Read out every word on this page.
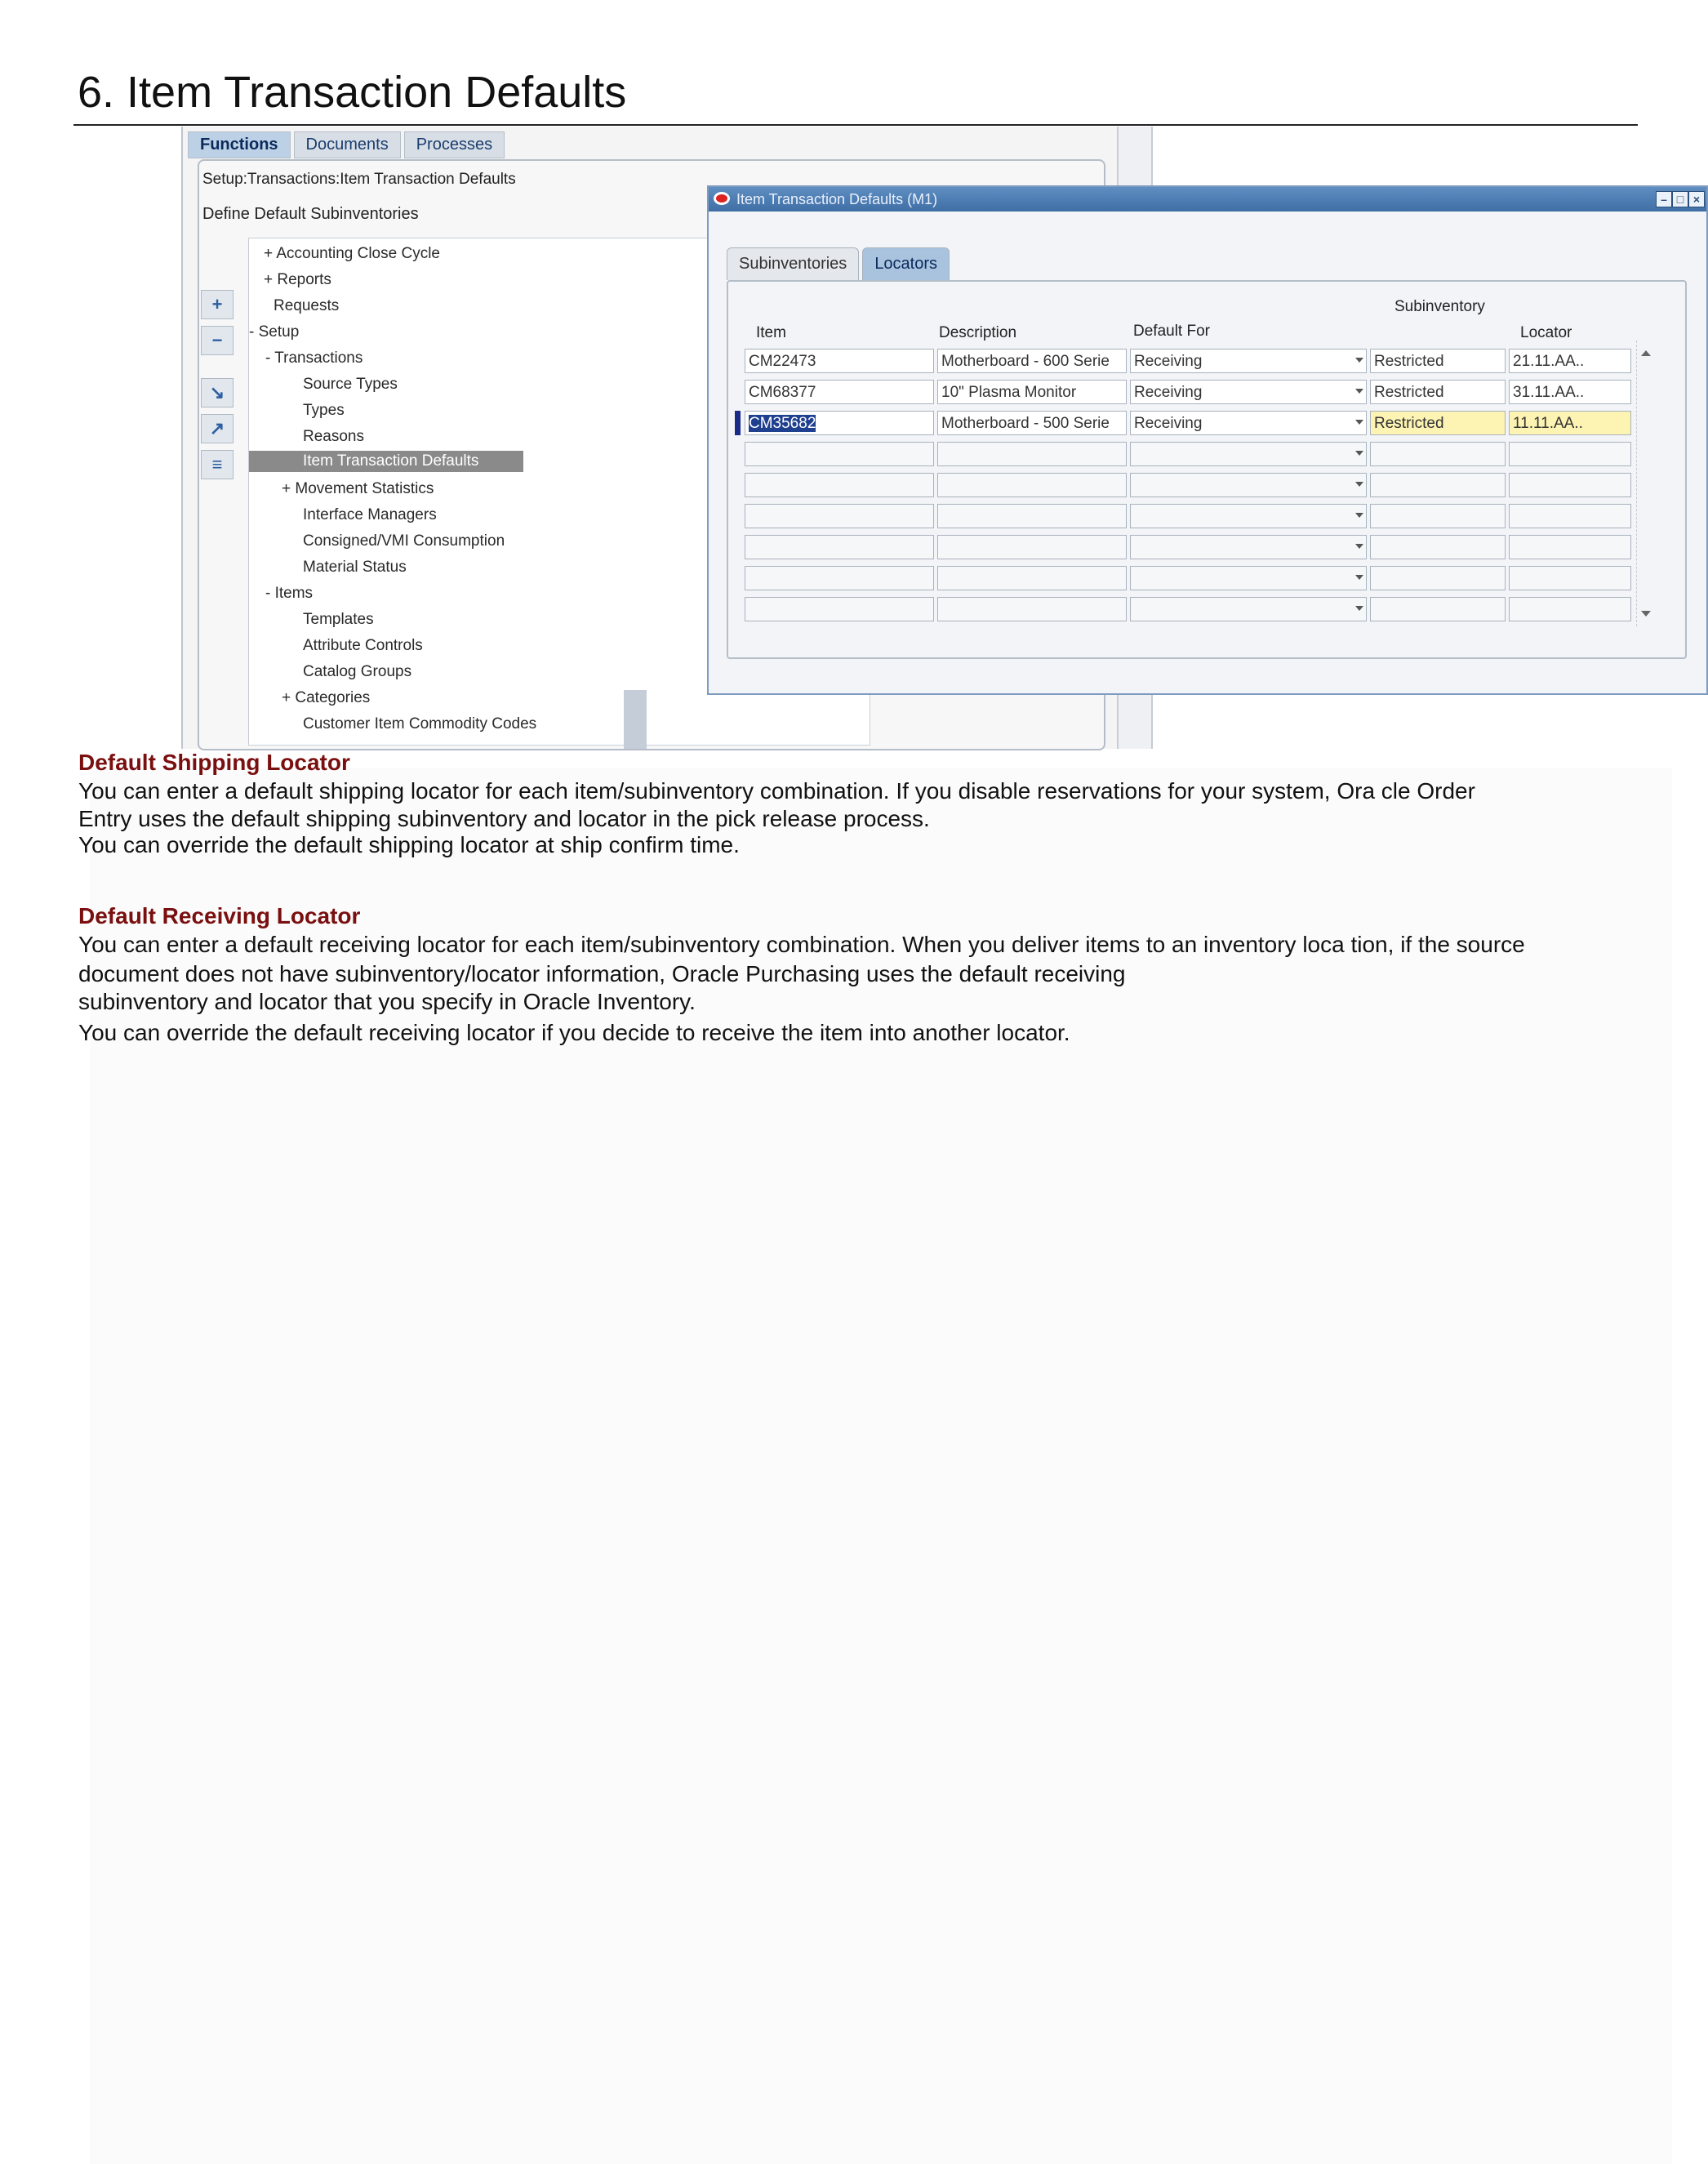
6. Item Transaction Defaults
Functions	Documents	Processes
Setup:Transactions:Item Transaction Defaults
Define Default Subinventories
+
−
↘
↗
≡
+ Accounting Close Cycle
+ Reports
Requests
- Setup
- Transactions
Source Types
Types
Reasons
Item Transaction Defaults
+ Movement Statistics
Interface Managers
Consigned/VMI Consumption
Material Status
- Items
Templates
Attribute Controls
Catalog Groups
+ Categories
Customer Item Commodity Codes
Item Transaction Defaults (M1)	– □ ×
Subinventories	Locators
Subinventory
Item	Description	Default For	Locator
CM22473	Motherboard - 600 Serie	Receiving	Restricted	21.11.AA..
CM68377	10" Plasma Monitor	Receiving	Restricted	31.11.AA..
CM35682	Motherboard - 500 Serie	Receiving	Restricted	11.11.AA..
Default Shipping Locator
You can enter a default shipping locator for each item/subinventory combination. If you disable reservations for your system, Ora cle Order
Entry uses the default shipping subinventory and locator in the pick release process.
You can override the default shipping locator at ship confirm time.
Default Receiving Locator
You can enter a default receiving locator for each item/subinventory combination. When you deliver items to an inventory loca tion, if the source
document does not have subinventory/locator information, Oracle Purchasing uses the default receiving
subinventory and locator that you specify in Oracle Inventory.
You can override the default receiving locator if you decide to receive the item into another locator.
